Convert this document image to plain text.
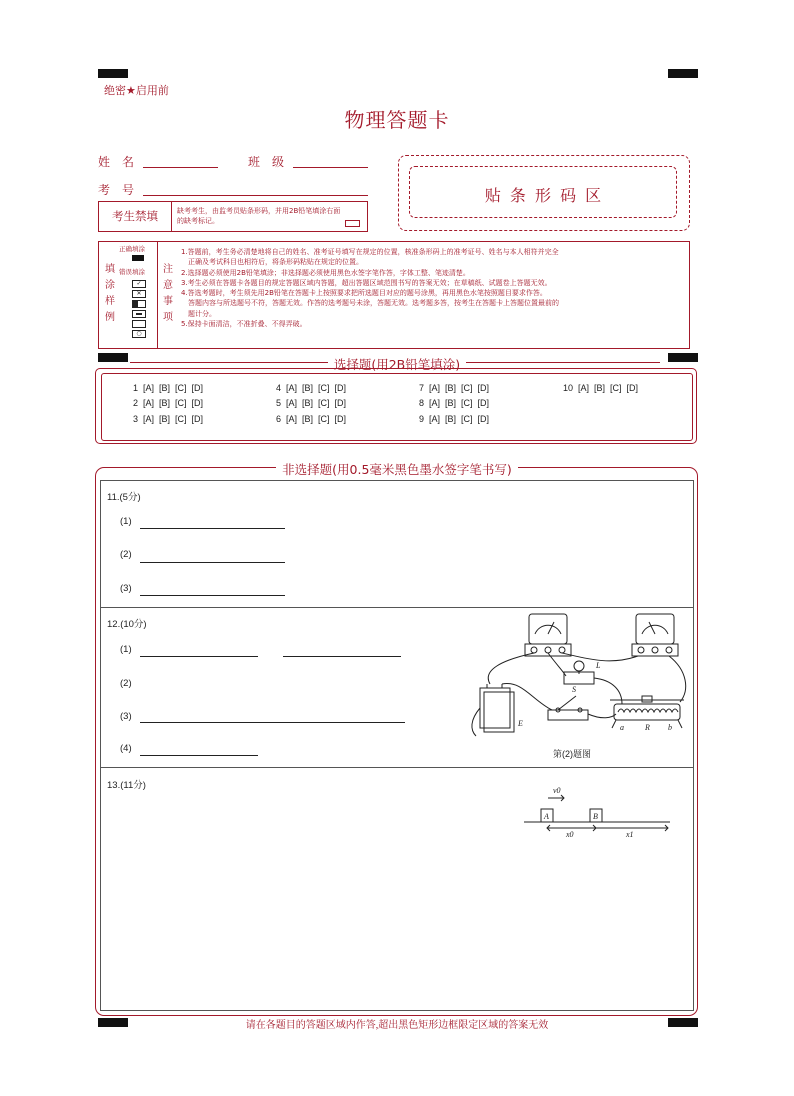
绝密★启用前
物理答题卡
姓　名	班　级
考　号
考生禁填	缺考考生，由监考员贴条形码，并用2B铅笔填涂右面的缺考标记。
贴 条 形 码 区
填
涂
样
例
正确填涂
错误填涂
✓
✕
○
注
意
事
项
1.答题前，考生务必清楚地将自己的姓名、准考证号填写在规定的位置，核准条形码上的准考证号、姓名与本人相符并完全
正确及考试科目也相符后，将条形码粘贴在规定的位置。
2.选择题必须使用2B铅笔填涂；非选择题必须使用黑色水签字笔作答，字体工整、笔迹清楚。
3.考生必须在答题卡各题目的规定答题区域内答题，超出答题区域范围书写的答案无效；在草稿纸、试题卷上答题无效。
4.答选考题时，考生须先用2B铅笔在答题卡上按照要求把所选题目对应的题号涂黑，再用黑色水笔按照题目要求作答。
答题内容与所选题号不符，答题无效。作答的选考题号未涂，答题无效。选考题多答，按考生在答题卡上答题位置最前的
题计分。
5.保持卡面清洁，不准折叠、不得弄破。
选择题(用2B铅笔填涂)
1  [A]  [B]  [C]  [D]
2  [A]  [B]  [C]  [D]
3  [A]  [B]  [C]  [D]
4  [A]  [B]  [C]  [D]
5  [A]  [B]  [C]  [D]
6  [A]  [B]  [C]  [D]
7  [A]  [B]  [C]  [D]
8  [A]  [B]  [C]  [D]
9  [A]  [B]  [C]  [D]
10  [A]  [B]  [C]  [D]
非选择题(用0.5毫米黑色墨水签字笔书写)
11.(5分)
(1)
(2)
(3)
12.(10分)
(1)
(2)
(3)
(4)
E
L
S
a	R b
第(2)题图
13.(11分)	v0
A	B
x0	x1
请在各题目的答题区域内作答,超出黑色矩形边框限定区域的答案无效
